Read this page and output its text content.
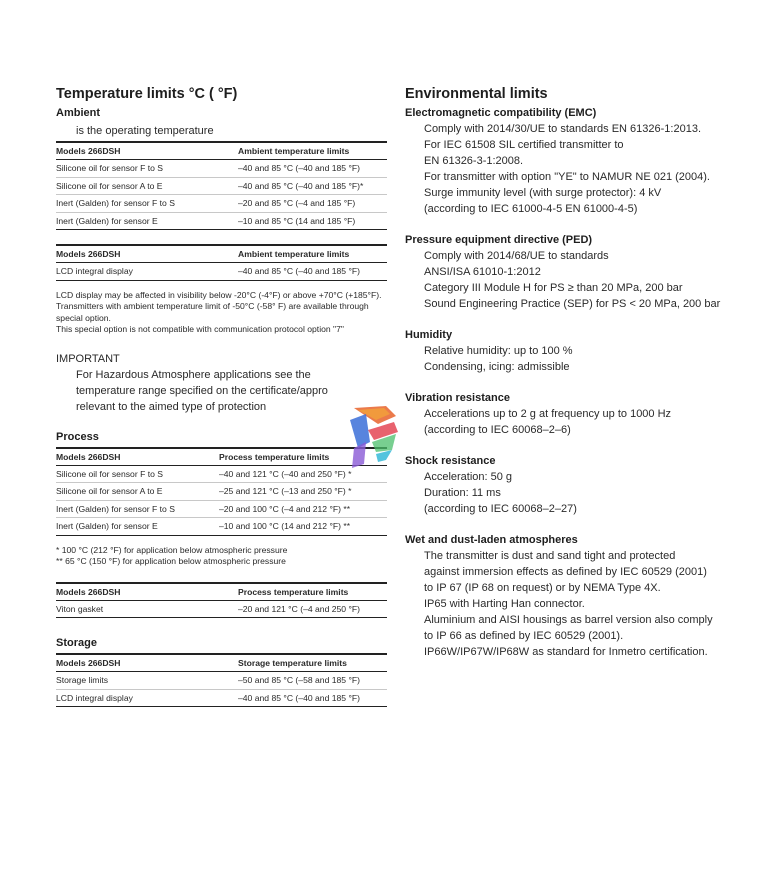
Temperature limits °C ( °F)
Ambient
is the operating temperature
Models 266DSH	Ambient temperature limits
Silicone oil for sensor F to S	–40 and 85 °C (–40 and 185 °F)
Silicone oil for sensor A to E	–40 and 85 °C (–40 and 185 °F)*
Inert (Galden) for sensor F to S	–20 and 85 °C (–4 and 185 °F)
Inert (Galden) for sensor E	–10 and 85 °C (14 and 185 °F)
Models 266DSH	Ambient temperature limits
LCD integral display	–40 and 85 °C (–40 and 185 °F)

LCD display may be affected in visibility below -20°C (-4°F) or above +70°C (+185°F).

Transmitters with ambient temperature limit of -50°C (-58° F) are available through special option.

This special option is not compatible with communication protocol option "7"

IMPORTANT

For Hazardous Atmosphere applications see the
temperature range specified on the certificate/appro
relevant to the aimed type of protection
Process
Models 266DSH	Process temperature limits
Silicone oil for sensor F to S	–40 and 121 °C (–40 and 250 °F) *
Silicone oil for sensor A to E	–25 and 121 °C (–13 and 250 °F) *
Inert (Galden) for sensor F to S	–20 and 100 °C (–4 and 212 °F) **
Inert (Galden) for sensor E	–10 and 100 °C (14 and 212 °F) **

* 100 °C (212 °F) for application below atmospheric pressure

** 65 °C (150 °F) for application below atmospheric pressure

Models 266DSH	Process temperature limits
Viton gasket	–20 and 121 °C (–4 and 250 °F)
Storage
Models 266DSH	Storage temperature limits
Storage limits	–50 and 85 °C (–58 and 185 °F)
LCD integral display	–40 and 85 °C (–40 and 185 °F)
Environmental limits
Electromagnetic compatibility (EMC)
Comply with 2014/30/UE to standards EN 61326-1:2013.
For IEC 61508 SIL certified transmitter to
EN 61326-3-1:2008.
For transmitter with option "YE" to NAMUR NE 021 (2004).
Surge immunity level (with surge protector): 4 kV
(according to IEC 61000-4-5 EN 61000-4-5)
Pressure equipment directive (PED)
Comply with 2014/68/UE to standards
ANSI/ISA 61010-1:2012
Category III Module H for PS ≥ than 20 MPa, 200 bar
Sound Engineering Practice (SEP) for PS < 20 MPa, 200 bar
Humidity
Relative humidity: up to 100 %
Condensing, icing: admissible
Vibration resistance
Accelerations up to 2 g at frequency up to 1000 Hz
(according to IEC 60068–2–6)
Shock resistance
Acceleration: 50 g
Duration: 11 ms
(according to IEC 60068–2–27)
Wet and dust-laden atmospheres
The transmitter is dust and sand tight and protected
against immersion effects as defined by IEC 60529 (2001)
to IP 67 (IP 68 on request) or by NEMA Type 4X.
IP65 with Harting Han connector.
Aluminium and AISI housings as barrel version also comply
to IP 66 as defined by IEC 60529 (2001).
IP66W/IP67W/IP68W as standard for Inmetro certification.
